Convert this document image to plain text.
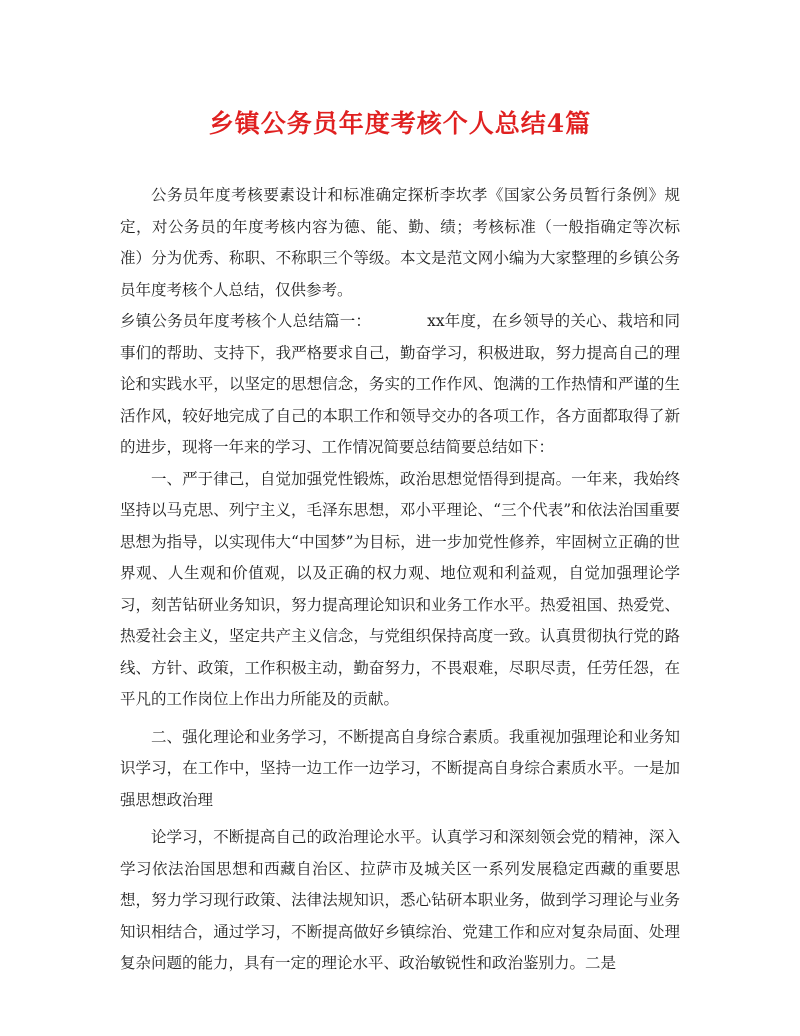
乡镇公务员年度考核个人总结4篇

公务员年度考核要素设计和标准确定探析李坎孝《国家公务员暂行条例》规定，对公务员的年度考核内容为德、能、勤、绩；考核标准（一般指确定等次标准）分为优秀、称职、不称职三个等级。本文是范文网小编为大家整理的乡镇公务员年度考核个人总结，仅供参考。

乡镇公务员年度考核个人总结篇一：	xx年度，在乡领导的关心、栽培和同事们的帮助、支持下，我严格要求自己，勤奋学习，积极进取，努力提高自己的理论和实践水平，以坚定的思想信念，务实的工作作风、饱满的工作热情和严谨的生活作风，较好地完成了自己的本职工作和领导交办的各项工作，各方面都取得了新的进步，现将一年来的学习、工作情况简要总结简要总结如下：

一、严于律己，自觉加强党性锻炼，政治思想觉悟得到提高。一年来，我始终坚持以马克思、列宁主义，毛泽东思想，邓小平理论、“三个代表”和依法治国重要思想为指导，以实现伟大“中国梦”为目标，进一步加党性修养，牢固树立正确的世界观、人生观和价值观，以及正确的权力观、地位观和利益观，自觉加强理论学习，刻苦钻研业务知识，努力提高理论知识和业务工作水平。热爱祖国、热爱党、热爱社会主义，坚定共产主义信念，与党组织保持高度一致。认真贯彻执行党的路线、方针、政策，工作积极主动，勤奋努力，不畏艰难，尽职尽责，任劳任怨，在平凡的工作岗位上作出力所能及的贡献。

二、强化理论和业务学习，不断提高自身综合素质。我重视加强理论和业务知识学习，在工作中，坚持一边工作一边学习，不断提高自身综合素质水平。一是加强思想政治理

论学习，不断提高自己的政治理论水平。认真学习和深刻领会党的精神，深入学习依法治国思想和西藏自治区、拉萨市及城关区一系列发展稳定西藏的重要思想，努力学习现行政策、法律法规知识，悉心钻研本职业务，做到学习理论与业务知识相结合，通过学习，不断提高做好乡镇综治、党建工作和应对复杂局面、处理复杂问题的能力，具有一定的理论水平、政治敏锐性和政治鉴别力。二是
